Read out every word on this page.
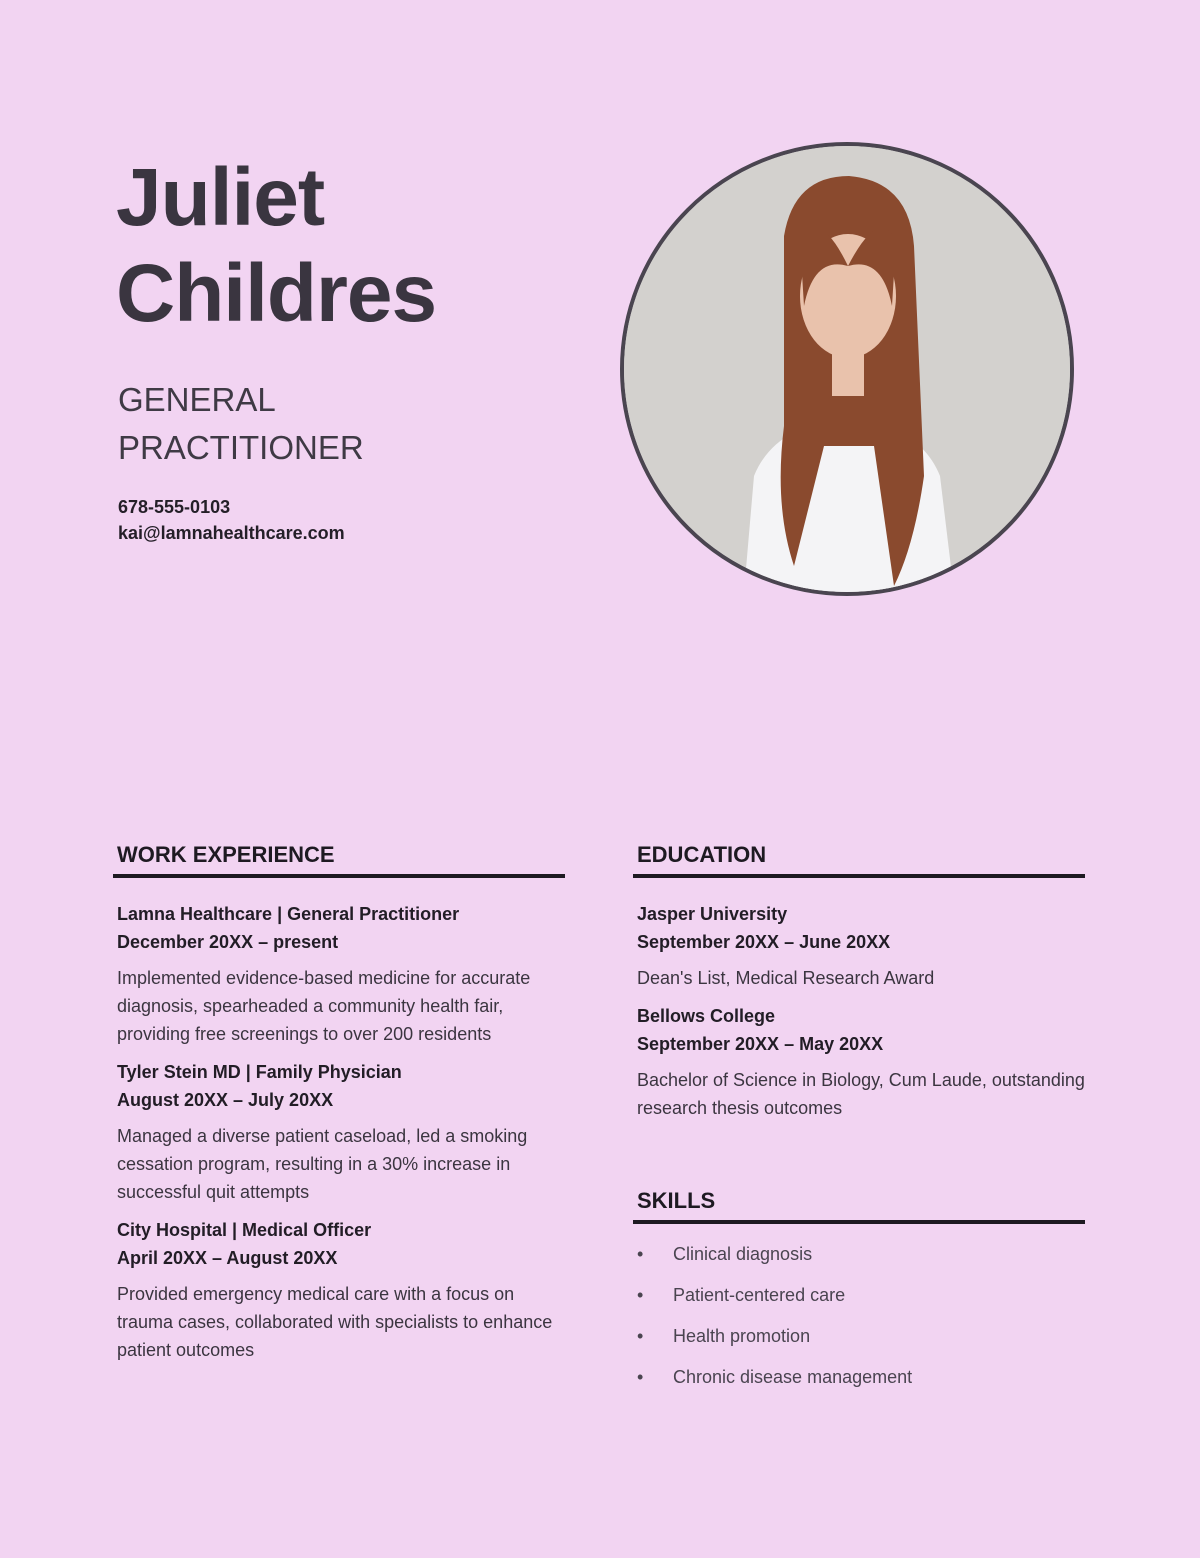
Juliet
Childres
GENERAL
PRACTITIONER
678-555-0103
kai@lamnahealthcare.com
WORK EXPERIENCE
Lamna Healthcare | General Practitioner
December 20XX – present
Implemented evidence-based medicine for accurate diagnosis, spearheaded a community health fair, providing free screenings to over 200 residents
Tyler Stein MD | Family Physician
August 20XX – July 20XX
Managed a diverse patient caseload, led a smoking cessation program, resulting in a 30% increase in successful quit attempts
City Hospital | Medical Officer
April 20XX – August 20XX
Provided emergency medical care with a focus on trauma cases, collaborated with specialists to enhance patient outcomes
EDUCATION
Jasper University
September 20XX – June 20XX
Dean's List, Medical Research Award
Bellows College
September 20XX – May 20XX
Bachelor of Science in Biology, Cum Laude, outstanding research thesis outcomes
SKILLS
•	Clinical diagnosis
•	Patient-centered care
•	Health promotion
•	Chronic disease management
